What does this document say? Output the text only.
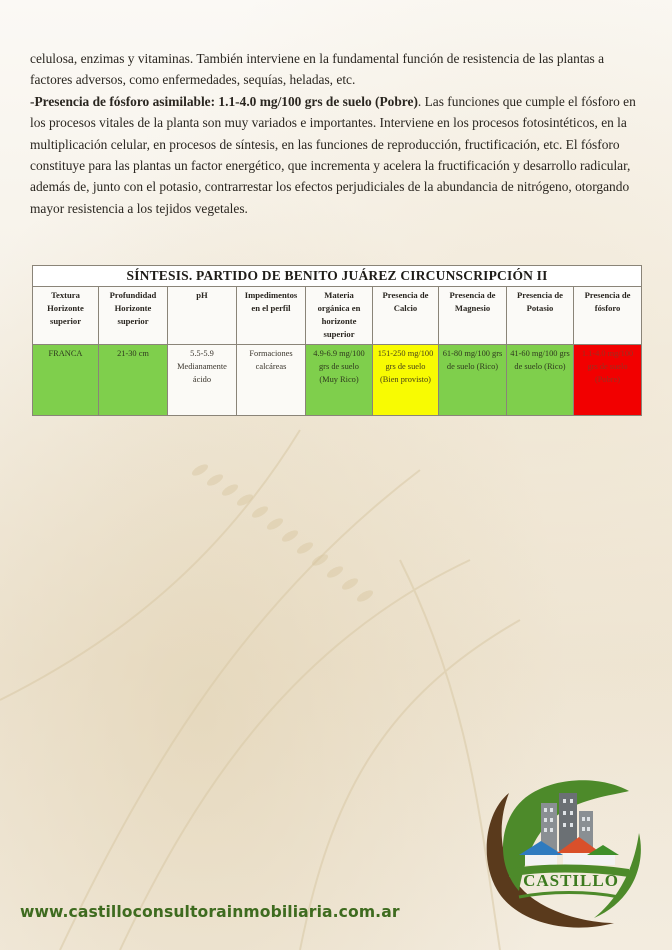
celulosa, enzimas y vitaminas. También interviene en la fundamental función de resistencia de las plantas a factores adversos, como enfermedades, sequías, heladas, etc.

-Presencia de fósforo asimilable: 1.1-4.0 mg/100 grs de suelo (Pobre). Las funciones que cumple el fósforo en los procesos vitales de la planta son muy variados e importantes. Interviene en los procesos fotosintéticos, en la multiplicación celular, en procesos de síntesis, en las funciones de reproducción, fructificación, etc. El fósforo constituye para las plantas un factor energético, que incrementa y acelera la fructificación y desarrollo radicular, además de, junto con el potasio, contrarrestar los efectos perjudiciales de la abundancia de nitrógeno, otorgando mayor resistencia a los tejidos vegetales.

SÍNTESIS. PARTIDO DE BENITO JUÁREZ CIRCUNSCRIPCIÓN II								
Textura Horizonte superior	Profundidad Horizonte superior	pH	Impedimentos en el perfil	Materia orgánica en horizonte superior	Presencia de Calcio	Presencia de Magnesio	Presencia de Potasio	Presencia de fósforo
FRANCA	21-30 cm	5.5-5.9 Medianamente ácido	Formaciones calcáreas	4.9-6.9 mg/100 grs de suelo (Muy Rico)	151-250 mg/100 grs de suelo (Bien provisto)	61-80 mg/100 grs de suelo (Rico)	41-60 mg/100 grs de suelo (Rico)	1.1-4.0 mg/100 grs de suelo (Pobre)
CASTILLO
www.castilloconsultorainmobiliaria.com.ar
